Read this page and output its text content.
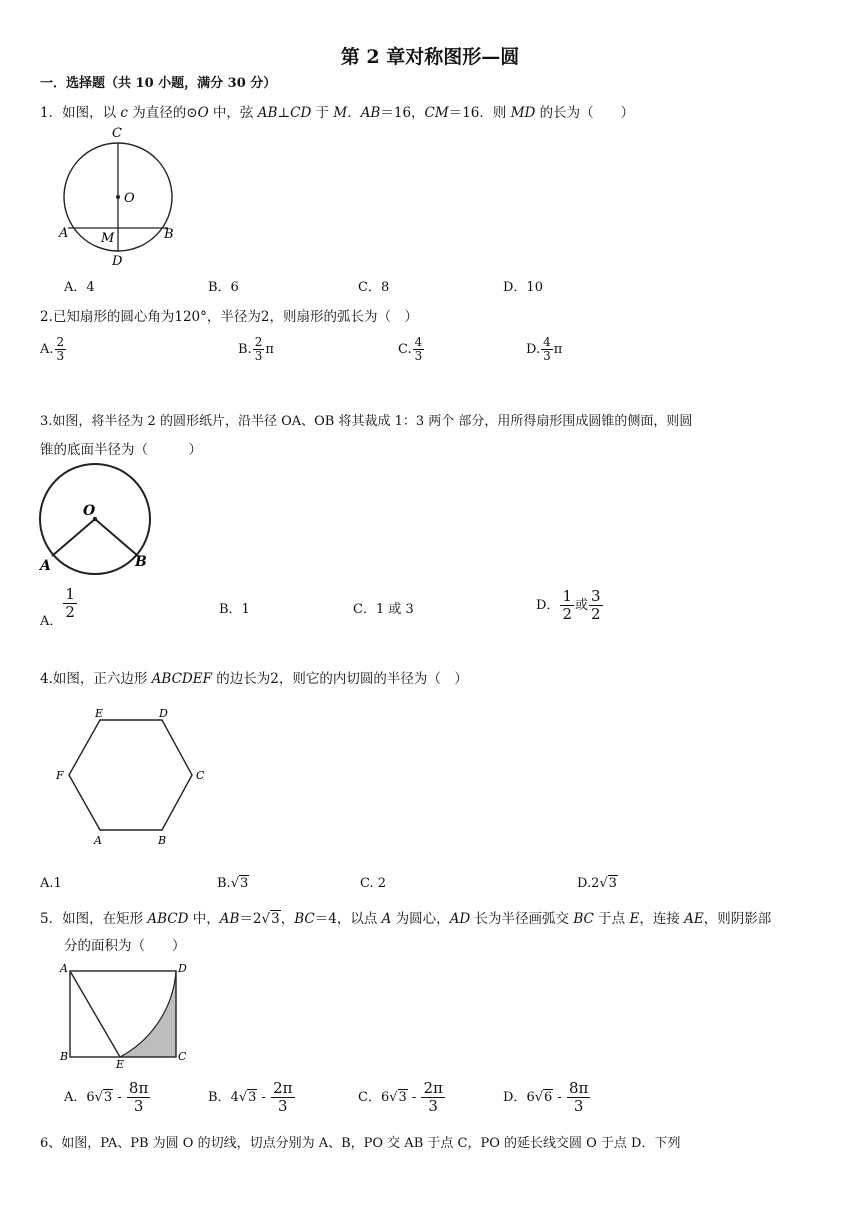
第 2 章对称图形—圆
一．选择题（共 10 小题，满分 30 分）
1．如图，以 c 为直径的⊙O 中，弦 AB⊥CD 于 M．AB＝16，CM＝16．则 MD 的长为（　　）
C
O
A	M	B
D
A．4	B．6	C．8	D．10
2.已知扇形的圆心角为120°，半径为2，则扇形的弧长为（　）
A. $\frac{2}{3}$	B. $\frac{2}{3}$ π	C. $\frac{4}{3}$	D. $\frac{4}{3}$ π
3.如图，将半径为 2 的圆形纸片，沿半径 OA、OB 将其裁成 1：3 两个 部分，用所得扇形围成圆锥的侧面，则圆
锥的底面半径为（　　　）
O
A	B
A．
$\frac{1}{2}$	B．1	C．1 或 3	D． $\frac{1}{2}$ 或 $\frac{3}{2}$
4.如图，正六边形 ABCDEF 的边长为2，则它的内切圆的半径为（　）
E	D
F	C
A	B
A.1	B.√3	C. 2	D.2√3
5．如图，在矩形 ABCD 中，AB＝2√3，BC＝4，以点 A 为圆心，AD 长为半径画弧交 BC 于点 E，连接 AE，则阴影部
分的面积为（　　）
A	D
B
E
C
A．$6√3 - \frac{8\pi}{3}$	B．$4√3 - \frac{2\pi}{3}$	C．$6√3 - \frac{2\pi}{3}$	D．$6√6 - \frac{8\pi}{3}$
6、如图，PA、PB 为圆 O 的切线，切点分别为 A、B，PO 交 AB 于点 C，PO 的延长线交圆 O 于点 D．下列
